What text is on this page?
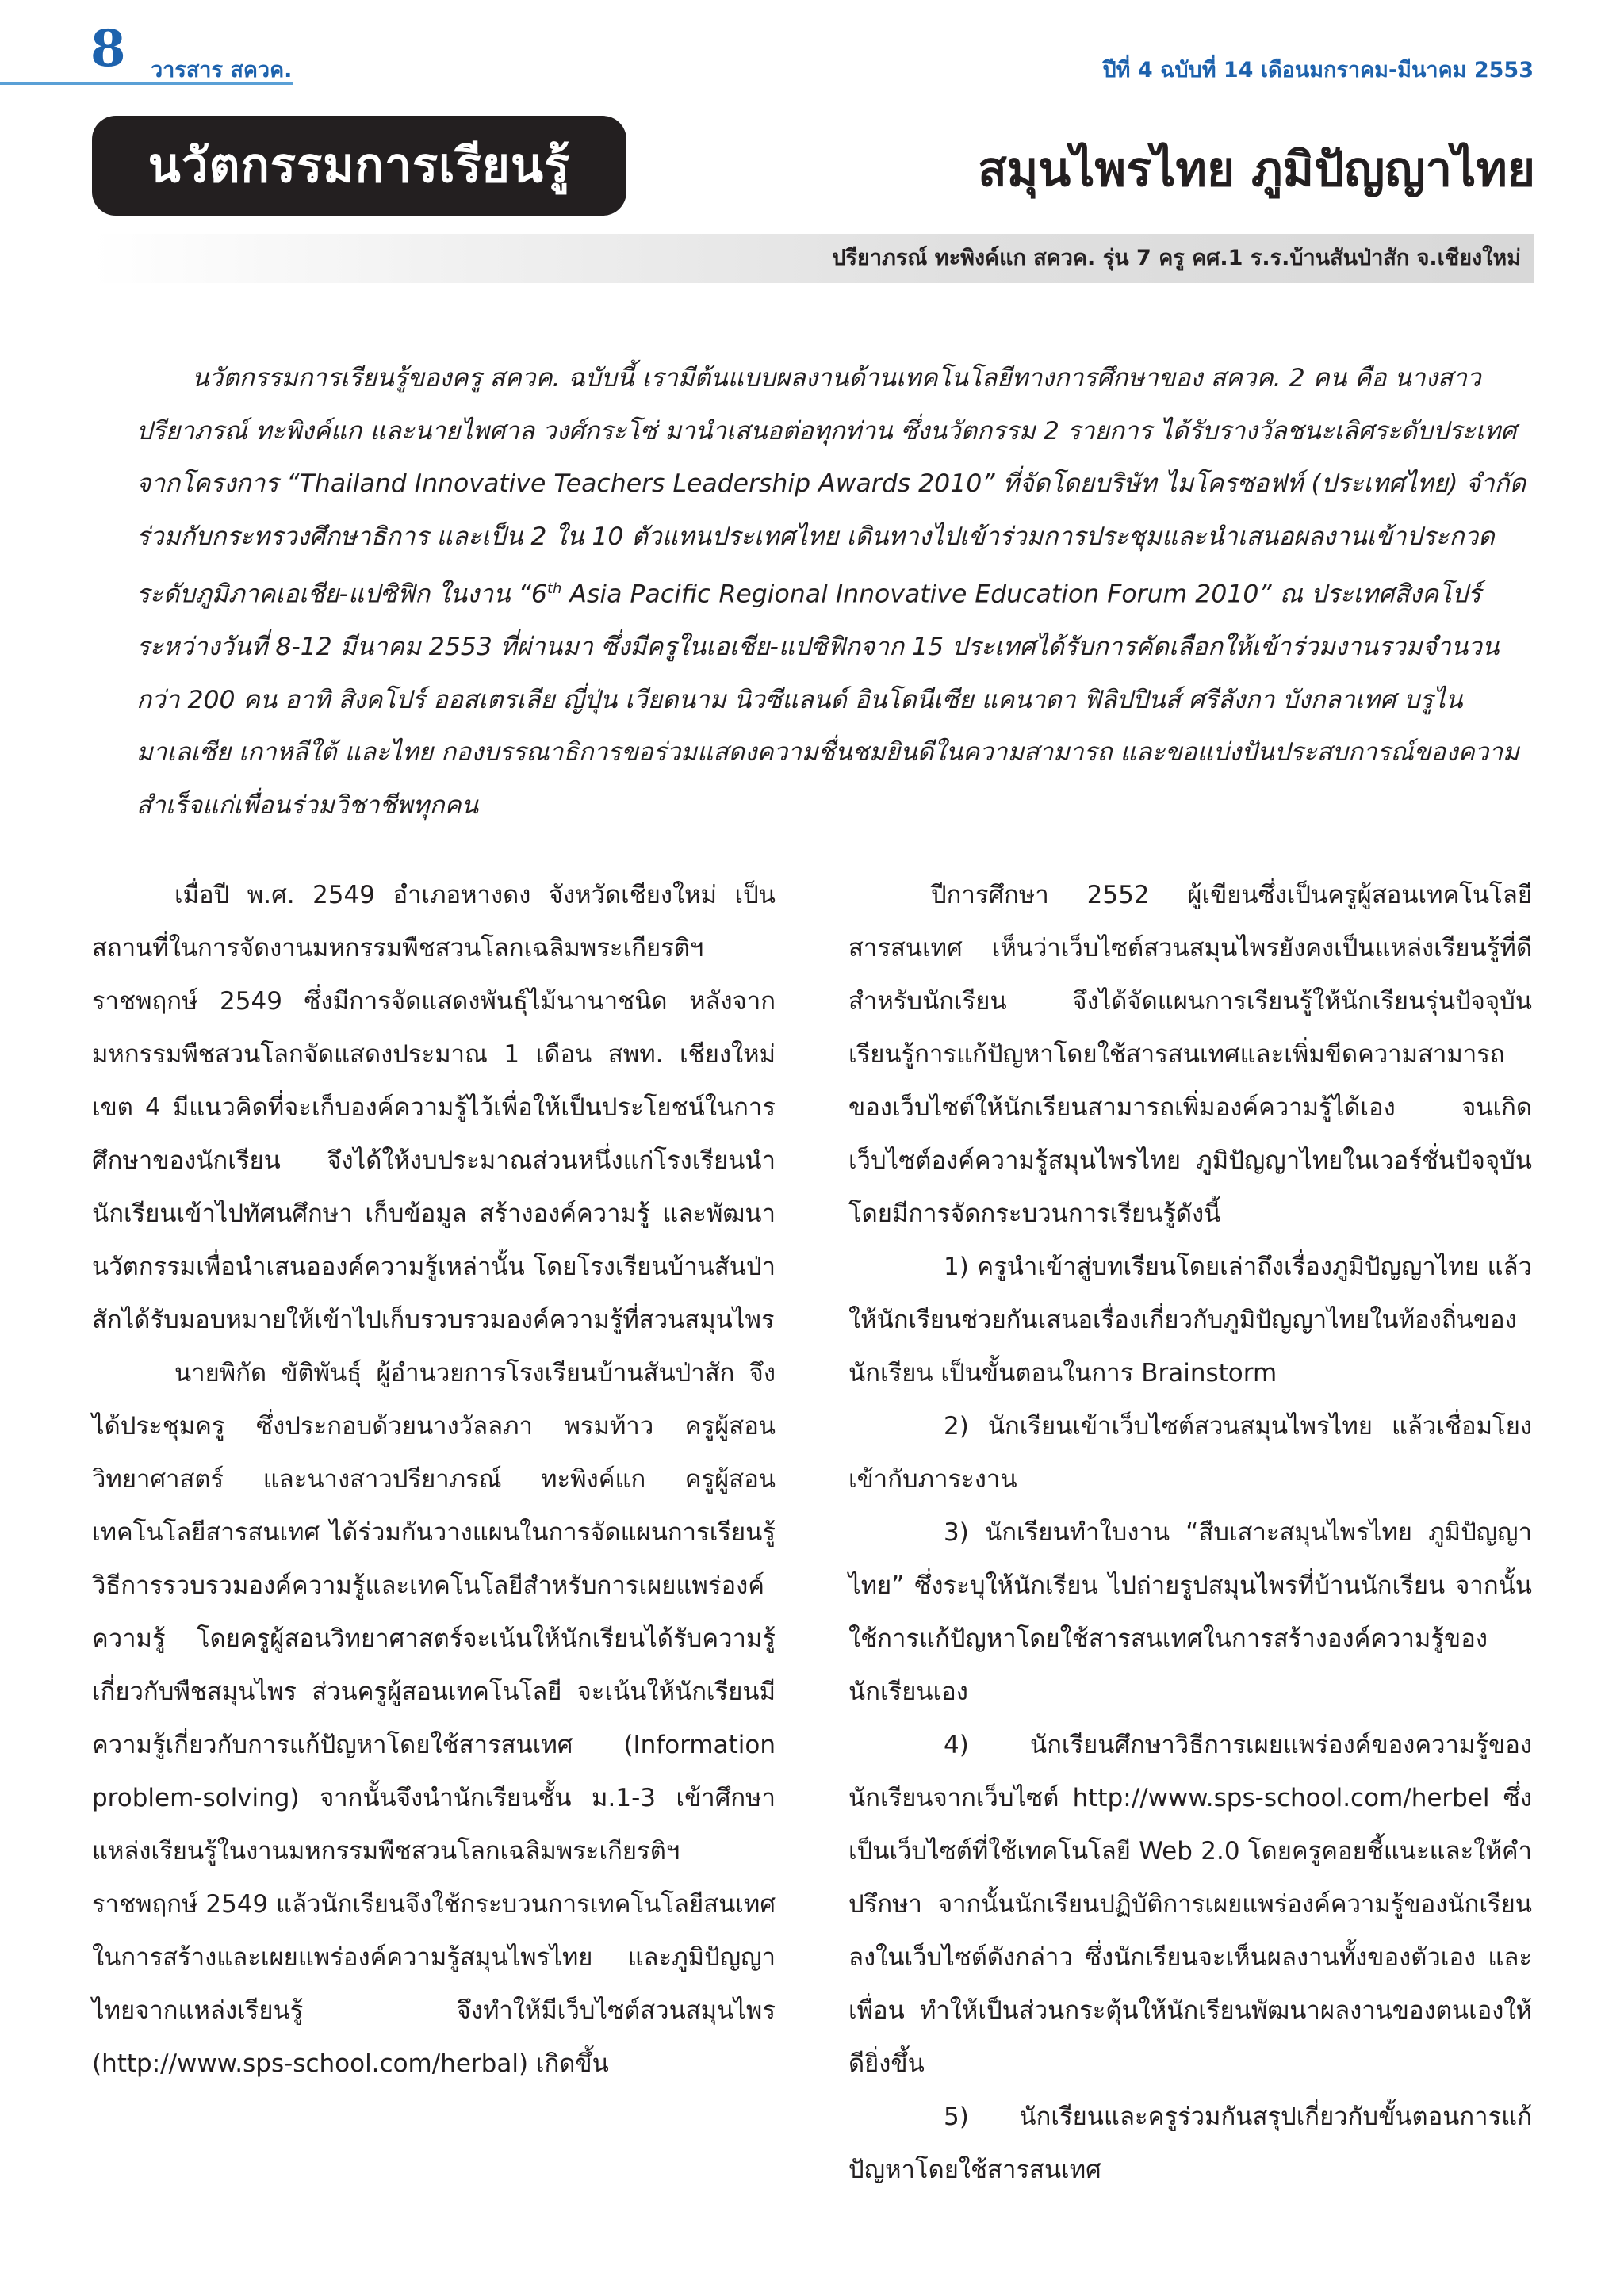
8 วารสาร สควค.	ปีที่ 4 ฉบับที่ 14 เดือนมกราคม-มีนาคม 2553
นวัตกรรมการเรียนรู้	สมุนไพรไทย ภูมิปัญญาไทย
ปรียาภรณ์ ทะพิงค์แก สควค. รุ่น 7 ครู คศ.1 ร.ร.บ้านสันป่าสัก จ.เชียงใหม่

นวัตกรรมการเรียนรู้ของครู สควค. ฉบับนี้ เรามีต้นแบบผลงานด้านเทคโนโลยีทางการศึกษาของ สควค. 2 คน คือ นางสาวปรียาภรณ์ ทะพิงค์แก และนายไพศาล วงศ์กระโซ่ มานำเสนอต่อทุกท่าน ซึ่งนวัตกรรม 2 รายการ ได้รับรางวัลชนะเลิศระดับประเทศจากโครงการ “Thailand Innovative Teachers Leadership Awards 2010” ที่จัดโดยบริษัท ไมโครซอฟท์ (ประเทศไทย) จำกัด ร่วมกับกระทรวงศึกษาธิการ และเป็น 2 ใน 10 ตัวแทนประเทศไทย เดินทางไปเข้าร่วมการประชุมและนำเสนอผลงานเข้าประกวดระดับภูมิภาคเอเชีย-แปซิฟิก ในงาน “6th Asia Pacific Regional Innovative Education Forum 2010” ณ ประเทศสิงคโปร์ ระหว่างวันที่ 8-12 มีนาคม 2553 ที่ผ่านมา ซึ่งมีครูในเอเชีย-แปซิฟิกจาก 15 ประเทศได้รับการคัดเลือกให้เข้าร่วมงานรวมจำนวนกว่า 200 คน อาทิ สิงคโปร์ ออสเตรเลีย ญี่ปุ่น เวียดนาม นิวซีแลนด์ อินโดนีเซีย แคนาดา ฟิลิปปินส์ ศรีลังกา บังกลาเทศ บรูไน มาเลเซีย เกาหลีใต้ และไทย กองบรรณาธิการขอร่วมแสดงความชื่นชมยินดีในความสามารถ และขอแบ่งปันประสบการณ์ของความสำเร็จแก่เพื่อนร่วมวิชาชีพทุกคน

เมื่อปี พ.ศ. 2549 อำเภอหางดง จังหวัดเชียงใหม่ เป็นสถานที่ในการจัดงานมหกรรมพืชสวนโลกเฉลิมพระเกียรติฯ ราชพฤกษ์ 2549 ซึ่งมีการจัดแสดงพันธุ์ไม้นานาชนิด หลังจากมหกรรมพืชสวนโลกจัดแสดงประมาณ 1 เดือน สพท. เชียงใหม่ เขต 4 มีแนวคิดที่จะเก็บองค์ความรู้ไว้เพื่อให้เป็นประโยชน์ในการศึกษาของนักเรียน จึงได้ให้งบประมาณส่วนหนึ่งแก่โรงเรียนนำนักเรียนเข้าไปทัศนศึกษา เก็บข้อมูล สร้างองค์ความรู้ และพัฒนานวัตกรรมเพื่อนำเสนอองค์ความรู้เหล่านั้น โดยโรงเรียนบ้านสันป่าสักได้รับมอบหมายให้เข้าไปเก็บรวบรวมองค์ความรู้ที่สวนสมุนไพร

นายพิกัด ขัติพันธุ์ ผู้อำนวยการโรงเรียนบ้านสันป่าสัก จึงได้ประชุมครู ซึ่งประกอบด้วยนางวัลลภา พรมท้าว ครูผู้สอนวิทยาศาสตร์ และนางสาวปรียาภรณ์ ทะพิงค์แก ครูผู้สอนเทคโนโลยีสารสนเทศ ได้ร่วมกันวางแผนในการจัดแผนการเรียนรู้ วิธีการรวบรวมองค์ความรู้และเทคโนโลยีสำหรับการเผยแพร่องค์ความรู้ โดยครูผู้สอนวิทยาศาสตร์จะเน้นให้นักเรียนได้รับความรู้เกี่ยวกับพืชสมุนไพร ส่วนครูผู้สอนเทคโนโลยี จะเน้นให้นักเรียนมีความรู้เกี่ยวกับการแก้ปัญหาโดยใช้สารสนเทศ (Information problem-solving) จากนั้นจึงนำนักเรียนชั้น ม.1-3 เข้าศึกษาแหล่งเรียนรู้ในงานมหกรรมพืชสวนโลกเฉลิมพระเกียรติฯ ราชพฤกษ์ 2549 แล้วนักเรียนจึงใช้กระบวนการเทคโนโลยีสนเทศในการสร้างและเผยแพร่องค์ความรู้สมุนไพรไทย และภูมิปัญญาไทยจากแหล่งเรียนรู้ จึงทำให้มีเว็บไซต์สวนสมุนไพร (http://www.sps-school.com/herbal) เกิดขึ้น

ปีการศึกษา 2552 ผู้เขียนซึ่งเป็นครูผู้สอนเทคโนโลยีสารสนเทศ เห็นว่าเว็บไซต์สวนสมุนไพรยังคงเป็นแหล่งเรียนรู้ที่ดีสำหรับนักเรียน จึงได้จัดแผนการเรียนรู้ให้นักเรียนรุ่นปัจจุบัน เรียนรู้การแก้ปัญหาโดยใช้สารสนเทศและเพิ่มขีดความสามารถของเว็บไซต์ให้นักเรียนสามารถเพิ่มองค์ความรู้ได้เอง จนเกิดเว็บไซต์องค์ความรู้สมุนไพรไทย ภูมิปัญญาไทยในเวอร์ชั่นปัจจุบัน โดยมีการจัดกระบวนการเรียนรู้ดังนี้

1) ครูนำเข้าสู่บทเรียนโดยเล่าถึงเรื่องภูมิปัญญาไทย แล้วให้นักเรียนช่วยกันเสนอเรื่องเกี่ยวกับภูมิปัญญาไทยในท้องถิ่นของนักเรียน เป็นขั้นตอนในการ Brainstorm

2) นักเรียนเข้าเว็บไซต์สวนสมุนไพรไทย แล้วเชื่อมโยงเข้ากับภาระงาน

3) นักเรียนทำใบงาน “สืบเสาะสมุนไพรไทย ภูมิปัญญาไทย” ซึ่งระบุให้นักเรียน ไปถ่ายรูปสมุนไพรที่บ้านนักเรียน จากนั้นใช้การแก้ปัญหาโดยใช้สารสนเทศในการสร้างองค์ความรู้ของนักเรียนเอง

4) นักเรียนศึกษาวิธีการเผยแพร่องค์ของความรู้ของนักเรียนจากเว็บไซต์ http://www.sps-school.com/herbel ซึ่งเป็นเว็บไซต์ที่ใช้เทคโนโลยี Web 2.0 โดยครูคอยชี้แนะและให้คำปรึกษา จากนั้นนักเรียนปฏิบัติการเผยแพร่องค์ความรู้ของนักเรียนลงในเว็บไซต์ดังกล่าว ซึ่งนักเรียนจะเห็นผลงานทั้งของตัวเอง และเพื่อน ทำให้เป็นส่วนกระตุ้นให้นักเรียนพัฒนาผลงานของตนเองให้ดียิ่งขึ้น

5) นักเรียนและครูร่วมกันสรุปเกี่ยวกับขั้นตอนการแก้ปัญหาโดยใช้สารสนเทศ
